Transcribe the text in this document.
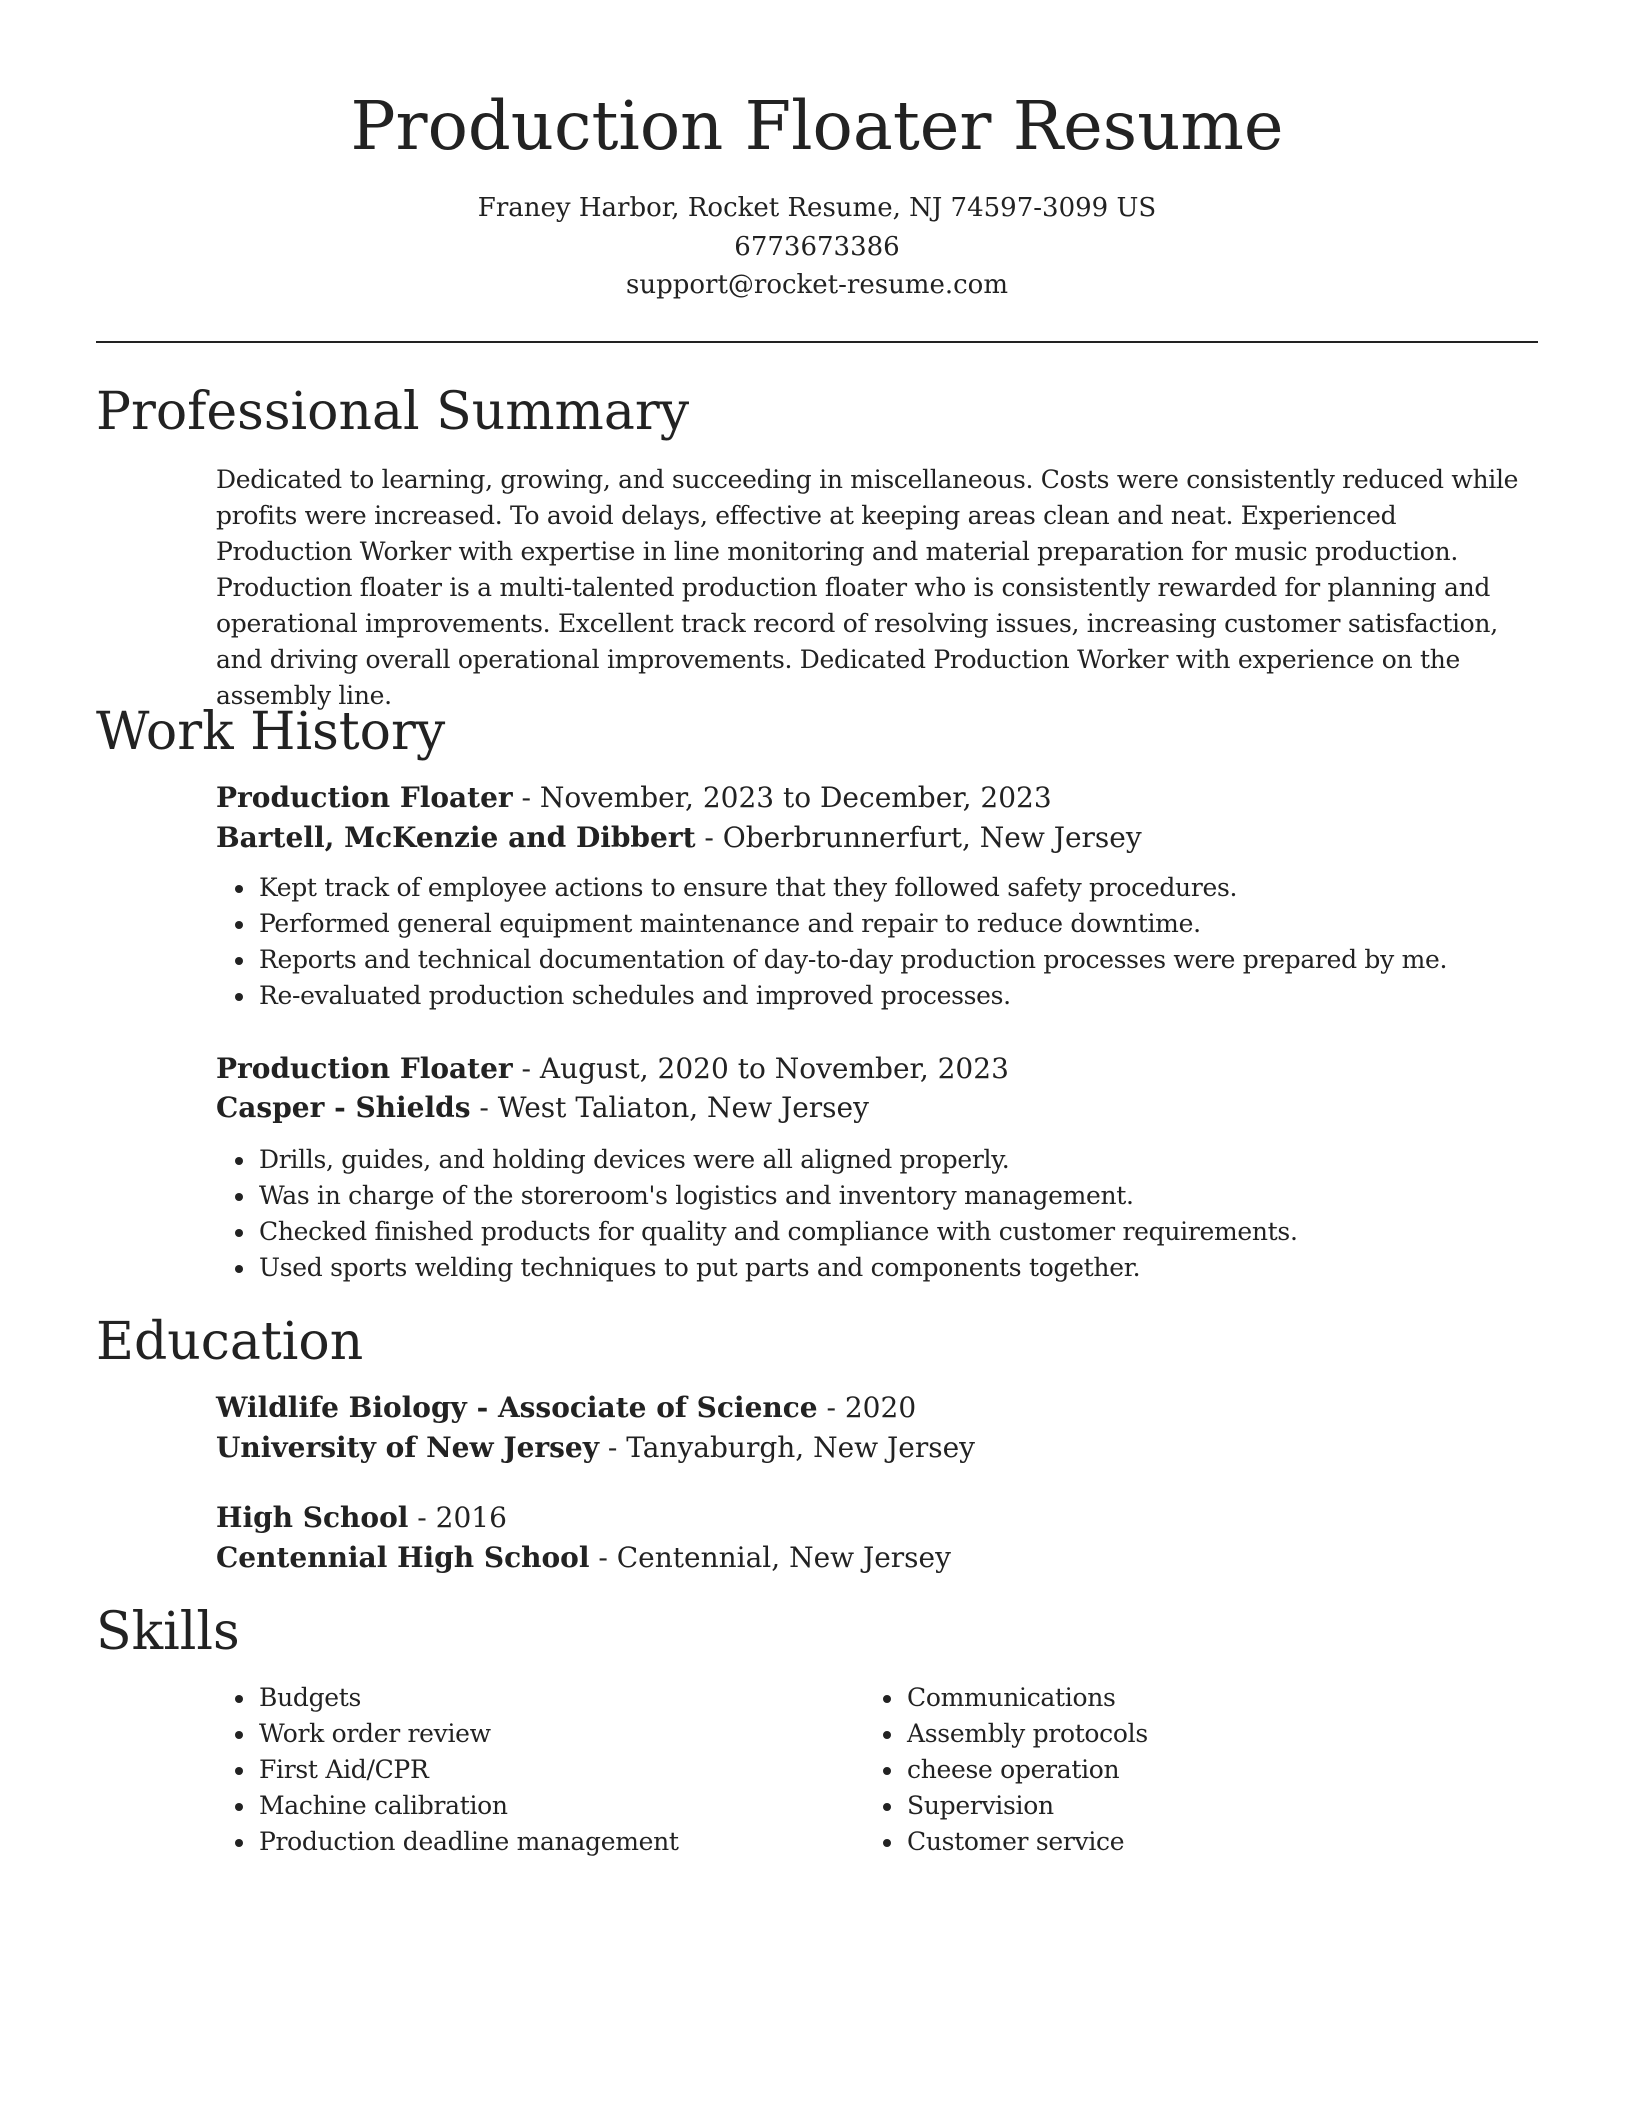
Production Floater Resume
Franey Harbor, Rocket Resume, NJ 74597-3099 US
6773673386
support@rocket-resume.com
Professional Summary

Dedicated to learning, growing, and succeeding in miscellaneous. Costs were consistently reduced while profits were increased. To avoid delays, effective at keeping areas clean and neat. Experienced Production Worker with expertise in line monitoring and material preparation for music production. Production floater is a multi-talented production floater who is consistently rewarded for planning and operational improvements. Excellent track record of resolving issues, increasing customer satisfaction, and driving overall operational improvements. Dedicated Production Worker with experience on the assembly line.

Work History
Production Floater - November, 2023 to December, 2023
Bartell, McKenzie and Dibbert - Oberbrunnerfurt, New Jersey
Kept track of employee actions to ensure that they followed safety procedures.
Performed general equipment maintenance and repair to reduce downtime.
Reports and technical documentation of day-to-day production processes were prepared by me.
Re-evaluated production schedules and improved processes.
Production Floater - August, 2020 to November, 2023
Casper - Shields - West Taliaton, New Jersey
Drills, guides, and holding devices were all aligned properly.
Was in charge of the storeroom's logistics and inventory management.
Checked finished products for quality and compliance with customer requirements.
Used sports welding techniques to put parts and components together.
Education
Wildlife Biology - Associate of Science - 2020
University of New Jersey - Tanyaburgh, New Jersey
High School - 2016
Centennial High School - Centennial, New Jersey
Skills
Budgets
Work order review
First Aid/CPR
Machine calibration
Production deadline management
Communications
Assembly protocols
cheese operation
Supervision
Customer service
